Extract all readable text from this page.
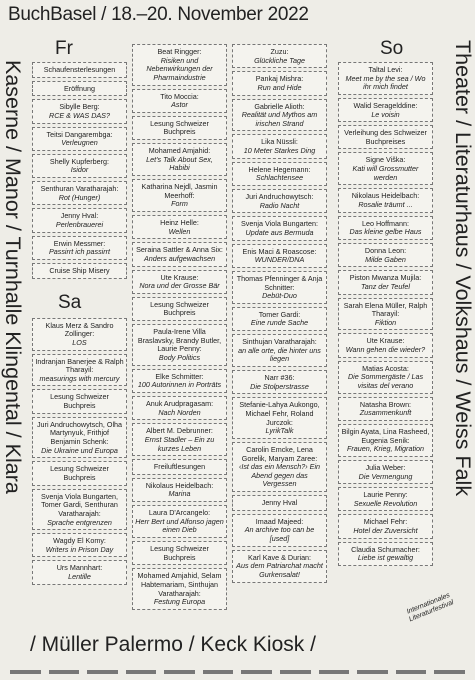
BuchBasel / 18.–20. November 2022
Kaserne / Manor / Turnhalle Klingental / Klara	Theater / Literaturhaus / Volkshaus / Weiss Falk
Fr
Sa
So
Schaufensterlesungen
Eröffnung
Sibylle Berg:
RCE & WAS DAS?
Teitsi Dangarembga:
Verleugnen
Shelly Kupferberg:
Isidor
Senthuran Varatharajah:
Rot (Hunger)
Jenny Hval:
Perlenbrauerei
Erwin Messmer:
Passirrt ich passirrt
Cruise Ship Misery
Klaus Merz & Sandro Zollinger:
LOS
Indranjan Banerjee & Ralph Tharayil:
measurings with mercury
Lesung Schweizer Buchpreis
Juri Andruchowytsch, Olha Martynyuk, Frithjof Benjamin Schenk:
Die Ukraine und Europa
Lesung Schweizer Buchpreis
Svenja Viola Bungarten, Tomer Gardi, Senthuran Varatharajah:
Sprache entgrenzen
Wagdy El Komy:
Writers in Prison Day
Urs Mannhart:
Lentille
Beat Ringger:
Risiken und Nebenwirkungen der Pharmaindustrie
Tito Moccia:
Astor
Lesung Schweizer Buchpreis
Mohamed Amjahid:
Let's Talk About Sex, Habibi
Katharina Nejdl, Jasmin Meerhoff:
Form
Heinz Helle:
Wellen
Seraina Sattler & Anna Six:
Anders aufgewachsen
Ute Krause:
Nora und der Grosse Bär
Lesung Schweizer Buchpreis
Paula-Irene Villa Braslavsky, Brandy Butler, Laurie Penny:
Body Politics
Elke Schmitter:
100 Autorinnen in Porträts
Anuk Arudpragasam:
Nach Norden
Albert M. Debrunner:
Ernst Stadler – Ein zu kurzes Leben
Freiluftlesungen
Nikolaus Heidelbach:
Marina
Laura D'Arcangelo:
Herr Bert und Alfonso jagen einen Dieb
Lesung Schweizer Buchpreis
Mohamed Amjahid, Selam Habtemariam, Sinthujan Varatharajah:
Festung Europa
Zuzu:
Glückliche Tage
Pankaj Mishra:
Run and Hide
Gabrielle Alioth:
Realität und Mythos am irischen Strand
Lika Nüssli:
10 Meter Starkes Ding
Helene Hegemann:
Schlachtensee
Juri Andruchowytsch:
Radio Nacht
Svenja Viola Bungarten:
Update aus Bermuda
Enis Maci & Roascose:
WUNDER/DNA
Thomas Pfenninger & Anja Schnitter:
Debüt-Duo
Tomer Gardi:
Eine runde Sache
Sinthujan Varatharajah:
an alle orte, die hinter uns liegen
Narr #36:
Die Stolperstrasse
Stefanie-Lahya Aukongo, Michael Fehr, Roland Jurczok:
LyrikTalk
Carolin Emcke, Lena Gorelik, Maryam Zaree:
‹Ist das ein Mensch?› Ein Abend gegen das Vergessen
Jenny Hval
Imaad Majeed:
An archive too can be [used]
Karl Kave & Durian:
Aus dem Patriarchat macht Gurkensalat!
Taltal Levi:
Meet me by the sea / Wo ihr mich findet
Walid Seragelddine:
Le voisin
Verleihung des Schweizer Buchpreises
Signe Viška:
Kati will Grossmutter werden
Nikolaus Heidelbach:
Rosalie träumt ...
Leo Hoffmann:
Das kleine gelbe Haus
Donna Leon:
Milde Gaben
Piston Mwanza Mujila:
Tanz der Teufel
Sarah Elena Müller, Ralph Tharayil:
Fiktion
Ute Krause:
Wann gehen die wieder?
Matias Acosta:
Die Sommergäste / Las visitas del verano
Natasha Brown:
Zusammenkunft
Bilgin Ayata, Lina Rasheed, Eugenia Senik:
Frauen, Krieg, Migration
Julia Weber:
Die Vermengung
Laurie Penny:
Sexuelle Revolution
Michael Fehr:
Hotel der Zuversicht
Claudia Schumacher:
Liebe ist gewaltig
Internationales Literaturfestival
/ Müller Palermo / Keck Kiosk /
